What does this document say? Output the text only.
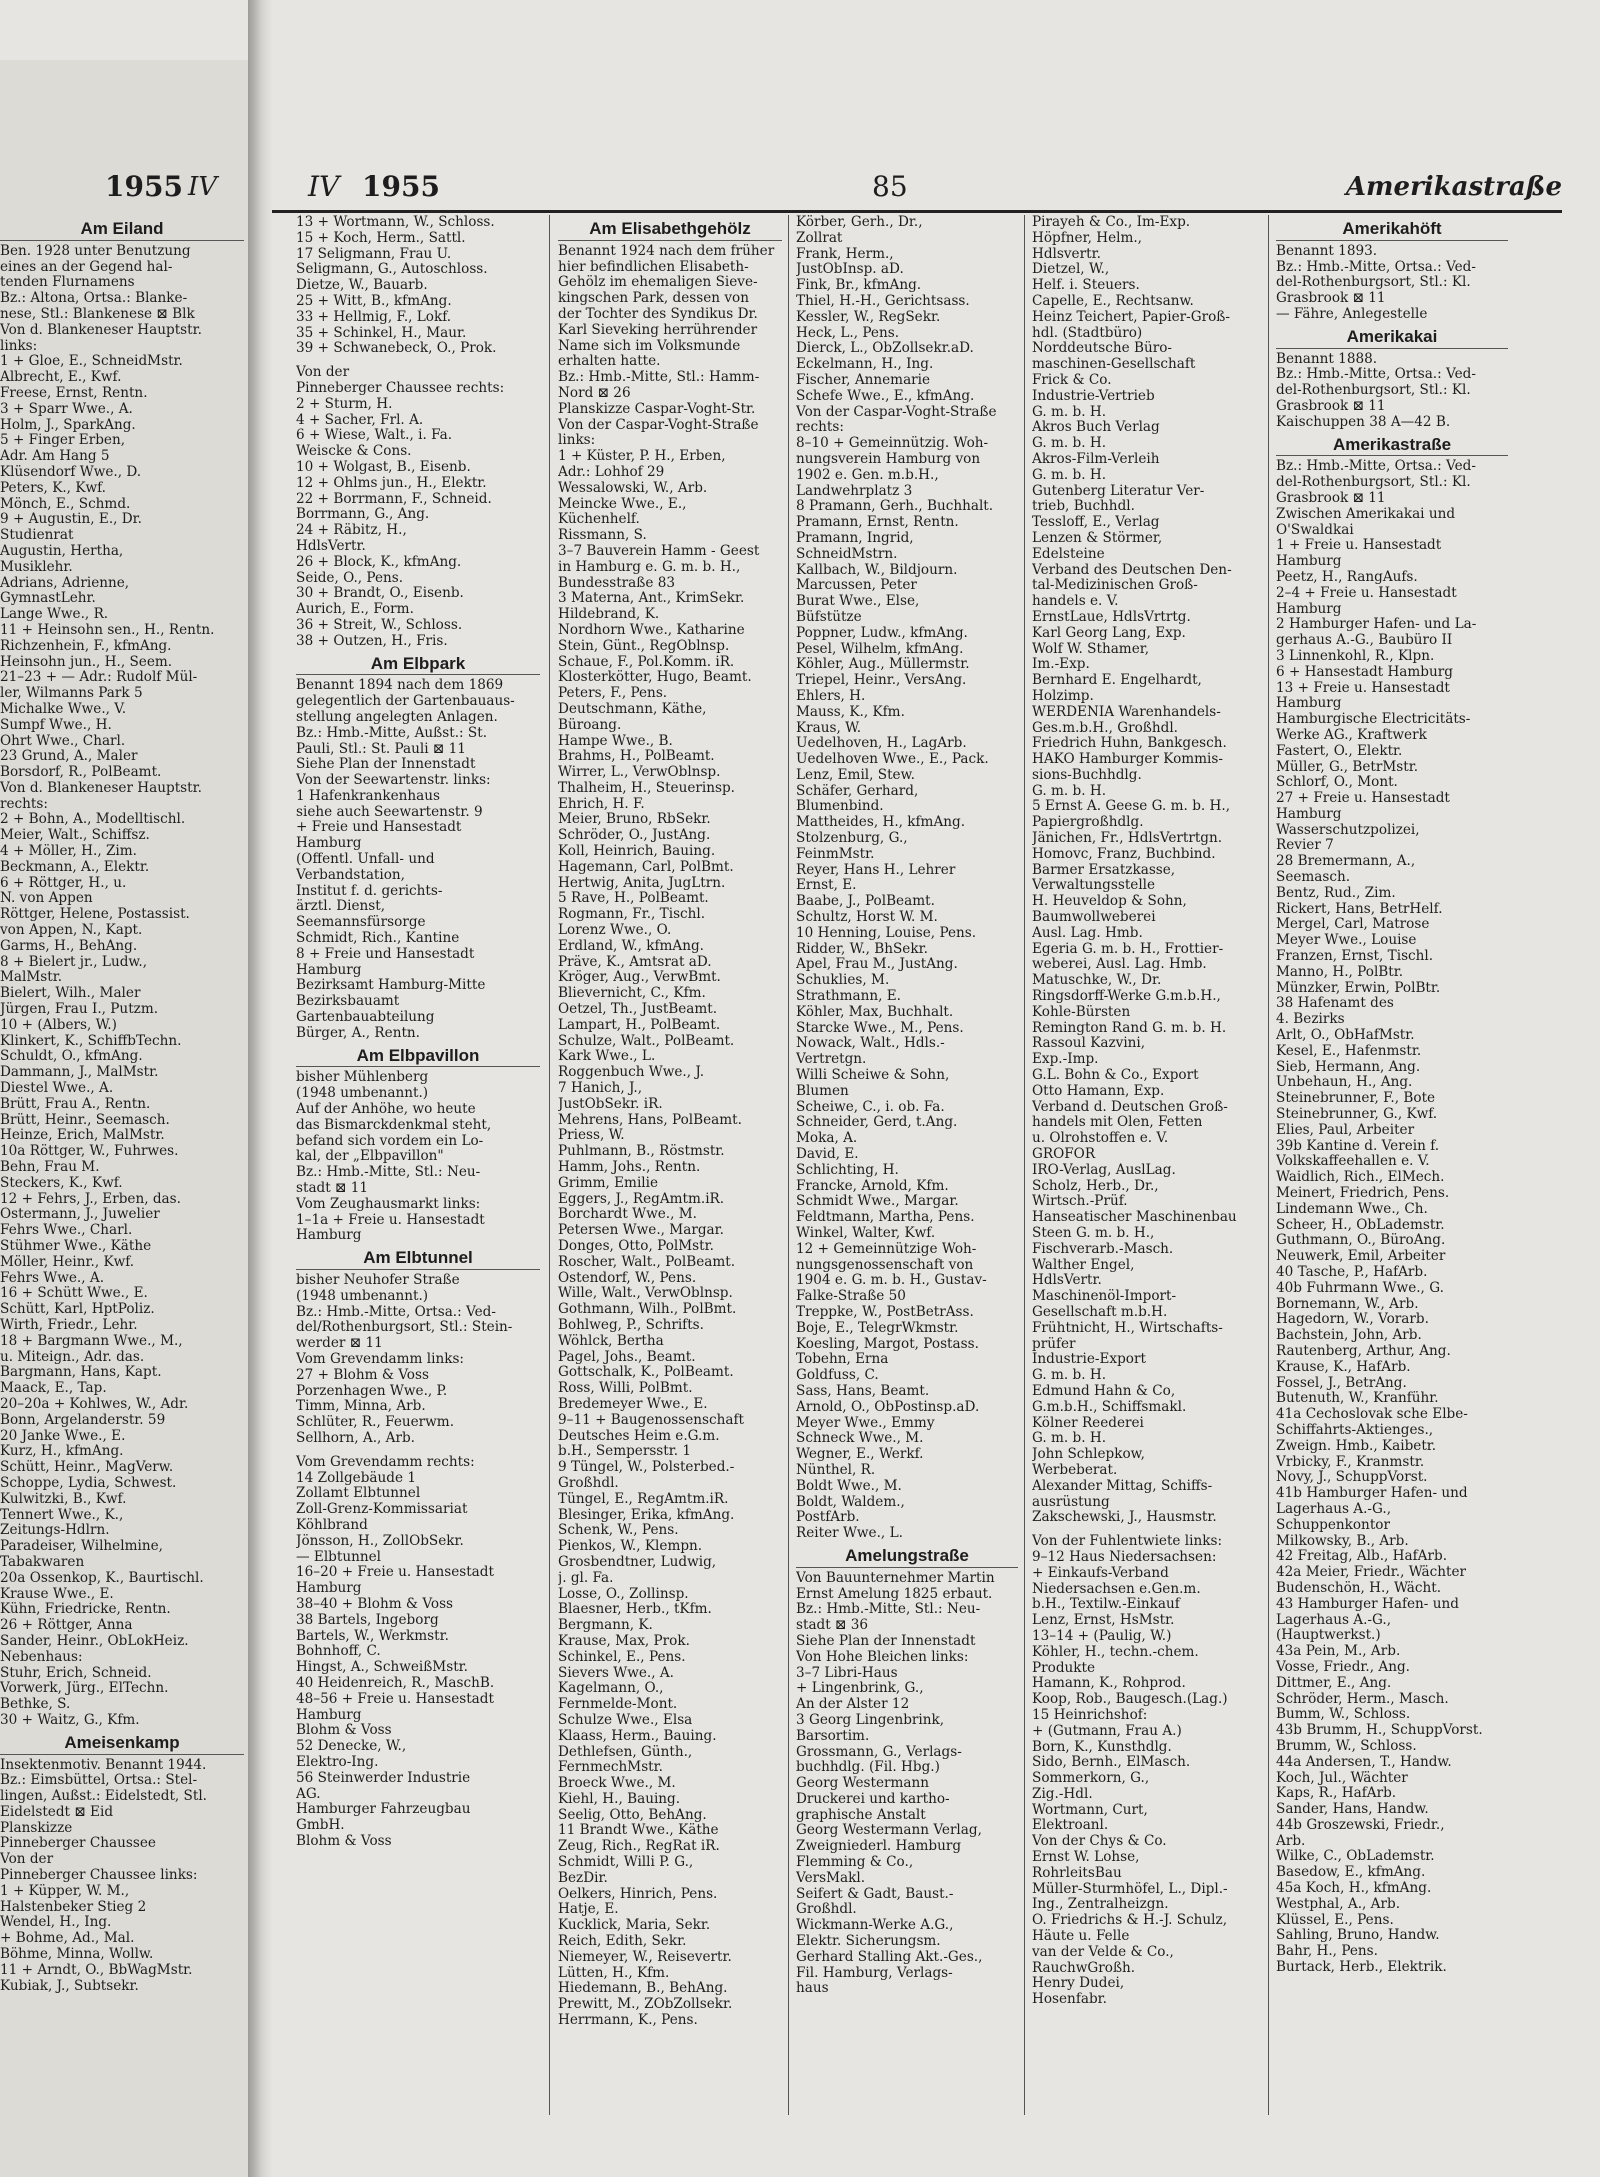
1955 IV
Am Eiland
Ben. 1928 unter Benutzung
eines an der Gegend hal-
tenden Flurnamens
Bz.: Altona, Ortsa.: Blanke-
nese, Stl.: Blankenese ⊠ Blk
Von d. Blankeneser Hauptstr.
links:
1 + Gloe, E., SchneidMstr.
Albrecht, E., Kwf.
Freese, Ernst, Rentn.
3 + Sparr Wwe., A.
Holm, J., SparkAng.
5 + Finger Erben,
Adr. Am Hang 5
Klüsendorf Wwe., D.
Peters, K., Kwf.
Mönch, E., Schmd.
9 + Augustin, E., Dr.
Studienrat
Augustin, Hertha,
Musiklehr.
Adrians, Adrienne,
GymnastLehr.
Lange Wwe., R.
11 + Heinsohn sen., H., Rentn.
Richzenhein, F., kfmAng.
Heinsohn jun., H., Seem.
21–23 + — Adr.: Rudolf Mül-
ler, Wilmanns Park 5
Michalke Wwe., V.
Sumpf Wwe., H.
Ohrt Wwe., Charl.
23 Grund, A., Maler
Borsdorf, R., PolBeamt.
Von d. Blankeneser Hauptstr.
rechts:
2 + Bohn, A., Modelltischl.
Meier, Walt., Schiffsz.
4 + Möller, H., Zim.
Beckmann, A., Elektr.
6 + Röttger, H., u.
N. von Appen
Röttger, Helene, Postassist.
von Appen, N., Kapt.
Garms, H., BehAng.
8 + Bielert jr., Ludw.,
MalMstr.
Bielert, Wilh., Maler
Jürgen, Frau I., Putzm.
10 + (Albers, W.)
Klinkert, K., SchiffbTechn.
Schuldt, O., kfmAng.
Dammann, J., MalMstr.
Diestel Wwe., A.
Brütt, Frau A., Rentn.
Brütt, Heinr., Seemasch.
Heinze, Erich, MalMstr.
10a Röttger, W., Fuhrwes.
Behn, Frau M.
Steckers, K., Kwf.
12 + Fehrs, J., Erben, das.
Ostermann, J., Juwelier
Fehrs Wwe., Charl.
Stühmer Wwe., Käthe
Möller, Heinr., Kwf.
Fehrs Wwe., A.
16 + Schütt Wwe., E.
Schütt, Karl, HptPoliz.
Wirth, Friedr., Lehr.
18 + Bargmann Wwe., M.,
u. Miteign., Adr. das.
Bargmann, Hans, Kapt.
Maack, E., Tap.
20–20a + Kohlwes, W., Adr.
Bonn, Argelanderstr. 59
20 Janke Wwe., E.
Kurz, H., kfmAng.
Schütt, Heinr., MagVerw.
Schoppe, Lydia, Schwest.
Kulwitzki, B., Kwf.
Tennert Wwe., K.,
Zeitungs-Hdlrn.
Paradeiser, Wilhelmine,
Tabakwaren
20a Ossenkop, K., Baurtischl.
Krause Wwe., E.
Kühn, Friedricke, Rentn.
26 + Röttger, Anna
Sander, Heinr., ObLokHeiz.
Nebenhaus:
Stuhr, Erich, Schneid.
Vorwerk, Jürg., ElTechn.
Bethke, S.
30 + Waitz, G., Kfm.
Ameisenkamp
Insektenmotiv. Benannt 1944.
Bz.: Eimsbüttel, Ortsa.: Stel-
lingen, Außst.: Eidelstedt, Stl.
Eidelstedt ⊠ Eid
Planskizze
Pinneberger Chaussee
Von der
Pinneberger Chaussee links:
1 + Küpper, W. M.,
Halstenbeker Stieg 2
Wendel, H., Ing.
+ Bohme, Ad., Mal.
Böhme, Minna, Wollw.
11 + Arndt, O., BbWagMstr.
Kubiak, J., Subtsekr.
IV 1955	85	Amerikastraße
13 + Wortmann, W., Schloss.
15 + Koch, Herm., Sattl.
17 Seligmann, Frau U.
Seligmann, G., Autoschloss.
Dietze, W., Bauarb.
25 + Witt, B., kfmAng.
33 + Hellmig, F., Lokf.
35 + Schinkel, H., Maur.
39 + Schwanebeck, O., Prok.
Von der
Pinneberger Chaussee rechts:
2 + Sturm, H.
4 + Sacher, Frl. A.
6 + Wiese, Walt., i. Fa.
Weiscke & Cons.
10 + Wolgast, B., Eisenb.
12 + Ohlms jun., H., Elektr.
22 + Borrmann, F., Schneid.
Borrmann, G., Ang.
24 + Räbitz, H.,
HdlsVertr.
26 + Block, K., kfmAng.
Seide, O., Pens.
30 + Brandt, O., Eisenb.
Aurich, E., Form.
36 + Streit, W., Schloss.
38 + Outzen, H., Fris.
Am Elbpark
Benannt 1894 nach dem 1869
gelegentlich der Gartenbauaus-
stellung angelegten Anlagen.
Bz.: Hmb.-Mitte, Außst.: St.
Pauli, Stl.: St. Pauli ⊠ 11
Siehe Plan der Innenstadt
Von der Seewartenstr. links:
1 Hafenkrankenhaus
siehe auch Seewartenstr. 9
+ Freie und Hansestadt
Hamburg
(Öffentl. Unfall- und
Verbandstation,
Institut f. d. gerichts-
ärztl. Dienst,
Seemannsfürsorge
Schmidt, Rich., Kantine
8 + Freie und Hansestadt
Hamburg
Bezirksamt Hamburg-Mitte
Bezirksbauamt
Gartenbauabteilung
Bürger, A., Rentn.
Am Elbpavillon
bisher Mühlenberg
(1948 umbenannt.)
Auf der Anhöhe, wo heute
das Bismarckdenkmal steht,
befand sich vordem ein Lo-
kal, der „Elbpavillon"
Bz.: Hmb.-Mitte, Stl.: Neu-
stadt ⊠ 11
Vom Zeughausmarkt links:
1–1a + Freie u. Hansestadt
Hamburg
Am Elbtunnel
bisher Neuhofer Straße
(1948 umbenannt.)
Bz.: Hmb.-Mitte, Ortsa.: Ved-
del/Rothenburgsort, Stl.: Stein-
werder ⊠ 11
Vom Grevendamm links:
27 + Blohm & Voss
Porzenhagen Wwe., P.
Timm, Minna, Arb.
Schlüter, R., Feuerwm.
Sellhorn, A., Arb.
Vom Grevendamm rechts:
14 Zollgebäude 1
Zollamt Elbtunnel
Zoll-Grenz-Kommissariat
Köhlbrand
Jönsson, H., ZollObSekr.
— Elbtunnel
16–20 + Freie u. Hansestadt
Hamburg
38–40 + Blohm & Voss
38 Bartels, Ingeborg
Bartels, W., Werkmstr.
Bohnhoff, C.
Hingst, A., SchweißMstr.
40 Heidenreich, R., MaschB.
48–56 + Freie u. Hansestadt
Hamburg
Blohm & Voss
52 Denecke, W.,
Elektro-Ing.
56 Steinwerder Industrie
AG.
Hamburger Fahrzeugbau
GmbH.
Blohm & Voss
Am Elisabethgehölz
Benannt 1924 nach dem früher
hier befindlichen Elisabeth-
Gehölz im ehemaligen Sieve-
kingschen Park, dessen von
der Tochter des Syndikus Dr.
Karl Sieveking herrührender
Name sich im Volksmunde
erhalten hatte.
Bz.: Hmb.-Mitte, Stl.: Hamm-
Nord ⊠ 26
Planskizze Caspar-Voght-Str.
Von der Caspar-Voght-Straße
links:
1 + Küster, P. H., Erben,
Adr.: Lohhof 29
Wessalowski, W., Arb.
Meincke Wwe., E.,
Küchenhelf.
Rissmann, S.
3–7 Bauverein Hamm - Geest
in Hamburg e. G. m. b. H.,
Bundesstraße 83
3 Materna, Ant., KrimSekr.
Hildebrand, K.
Nordhorn Wwe., Katharine
Stein, Günt., RegOblnsp.
Schaue, F., Pol.Komm. iR.
Klosterkötter, Hugo, Beamt.
Peters, F., Pens.
Deutschmann, Käthe,
Büroang.
Hampe Wwe., B.
Brahms, H., PolBeamt.
Wirrer, L., VerwOblnsp.
Thalheim, H., Steuerinsp.
Ehrich, H. F.
Meier, Bruno, RbSekr.
Schröder, O., JustAng.
Koll, Heinrich, Bauing.
Hagemann, Carl, PolBmt.
Hertwig, Anita, JugLtrn.
5 Rave, H., PolBeamt.
Rogmann, Fr., Tischl.
Lorenz Wwe., O.
Erdland, W., kfmAng.
Präve, K., Amtsrat aD.
Kröger, Aug., VerwBmt.
Blievernicht, C., Kfm.
Oetzel, Th., JustBeamt.
Lampart, H., PolBeamt.
Schulze, Walt., PolBeamt.
Kark Wwe., L.
Roggenbuch Wwe., J.
7 Hanich, J.,
JustObSekr. iR.
Mehrens, Hans, PolBeamt.
Priess, W.
Puhlmann, B., Röstmstr.
Hamm, Johs., Rentn.
Grimm, Emilie
Eggers, J., RegAmtm.iR.
Borchardt Wwe., M.
Petersen Wwe., Margar.
Donges, Otto, PolMstr.
Roscher, Walt., PolBeamt.
Ostendorf, W., Pens.
Wille, Walt., VerwOblnsp.
Gothmann, Wilh., PolBmt.
Bohlweg, P., Schrifts.
Wöhlck, Bertha
Pagel, Johs., Beamt.
Gottschalk, K., PolBeamt.
Ross, Willi, PolBmt.
Bredemeyer Wwe., E.
9–11 + Baugenossenschaft
Deutsches Heim e.G.m.
b.H., Sempersstr. 1
9 Tüngel, W., Polsterbed.-
Großhdl.
Tüngel, E., RegAmtm.iR.
Blesinger, Erika, kfmAng.
Schenk, W., Pens.
Pienkos, W., Klempn.
Grosbendtner, Ludwig,
j. gl. Fa.
Losse, O., Zollinsp.
Blaesner, Herb., tKfm.
Bergmann, K.
Krause, Max, Prok.
Schinkel, E., Pens.
Sievers Wwe., A.
Kagelmann, O.,
Fernmelde-Mont.
Schulze Wwe., Elsa
Klaass, Herm., Bauing.
Dethlefsen, Günth.,
FernmechMstr.
Broeck Wwe., M.
Kiehl, H., Bauing.
Seelig, Otto, BehAng.
11 Brandt Wwe., Käthe
Zeug, Rich., RegRat iR.
Schmidt, Willi P. G.,
BezDir.
Oelkers, Hinrich, Pens.
Hatje, E.
Kucklick, Maria, Sekr.
Reich, Edith, Sekr.
Niemeyer, W., Reisevertr.
Lütten, H., Kfm.
Hiedemann, B., BehAng.
Prewitt, M., ZObZollsekr.
Herrmann, K., Pens.
Körber, Gerh., Dr.,
Zollrat
Frank, Herm.,
JustObInsp. aD.
Fink, Br., kfmAng.
Thiel, H.-H., Gerichtsass.
Kessler, W., RegSekr.
Heck, L., Pens.
Dierck, L., ObZollsekr.aD.
Eckelmann, H., Ing.
Fischer, Annemarie
Schefe Wwe., E., kfmAng.
Von der Caspar-Voght-Straße
rechts:
8–10 + Gemeinnützig. Woh-
nungsverein Hamburg von
1902 e. Gen. m.b.H.,
Landwehrplatz 3
8 Pramann, Gerh., Buchhalt.
Pramann, Ernst, Rentn.
Pramann, Ingrid,
SchneidMstrn.
Kallbach, W., Bildjourn.
Marcussen, Peter
Burat Wwe., Else,
Büfstütze
Poppner, Ludw., kfmAng.
Pesel, Wilhelm, kfmAng.
Köhler, Aug., Müllermstr.
Triepel, Heinr., VersAng.
Ehlers, H.
Mauss, K., Kfm.
Kraus, W.
Uedelhoven, H., LagArb.
Uedelhoven Wwe., E., Pack.
Lenz, Emil, Stew.
Schäfer, Gerhard,
Blumenbind.
Mattheides, H., kfmAng.
Stolzenburg, G.,
FeinmMstr.
Reyer, Hans H., Lehrer
Ernst, E.
Baabe, J., PolBeamt.
Schultz, Horst W. M.
10 Henning, Louise, Pens.
Ridder, W., BhSekr.
Apel, Frau M., JustAng.
Schuklies, M.
Strathmann, E.
Köhler, Max, Buchhalt.
Starcke Wwe., M., Pens.
Nowack, Walt., Hdls.-
Vertretgn.
Willi Scheiwe & Sohn,
Blumen
Scheiwe, C., i. ob. Fa.
Schneider, Gerd, t.Ang.
Moka, A.
David, E.
Schlichting, H.
Francke, Arnold, Kfm.
Schmidt Wwe., Margar.
Feldtmann, Martha, Pens.
Winkel, Walter, Kwf.
12 + Gemeinnützige Woh-
nungsgenossenschaft von
1904 e. G. m. b. H., Gustav-
Falke-Straße 50
Treppke, W., PostBetrAss.
Boje, E., TelegrWkmstr.
Koesling, Margot, Postass.
Tobehn, Erna
Goldfuss, C.
Sass, Hans, Beamt.
Arnold, O., ObPostinsp.aD.
Meyer Wwe., Emmy
Schneck Wwe., M.
Wegner, E., Werkf.
Nünthel, R.
Boldt Wwe., M.
Boldt, Waldem.,
PostfArb.
Reiter Wwe., L.
Amelungstraße
Von Bauunternehmer Martin
Ernst Amelung 1825 erbaut.
Bz.: Hmb.-Mitte, Stl.: Neu-
stadt ⊠ 36
Siehe Plan der Innenstadt
Von Hohe Bleichen links:
3–7 Libri-Haus
+ Lingenbrink, G.,
An der Alster 12
3 Georg Lingenbrink,
Barsortim.
Grossmann, G., Verlags-
buchhdlg. (Fil. Hbg.)
Georg Westermann
Druckerei und kartho-
graphische Anstalt
Georg Westermann Verlag,
Zweigniederl. Hamburg
Flemming & Co.,
VersMakl.
Seifert & Gadt, Baust.-
Großhdl.
Wickmann-Werke A.G.,
Elektr. Sicherungsm.
Gerhard Stalling Akt.-Ges.,
Fil. Hamburg, Verlags-
haus
Pirayeh & Co., Im-Exp.
Höpfner, Helm.,
Hdlsvertr.
Dietzel, W.,
Helf. i. Steuers.
Capelle, E., Rechtsanw.
Heinz Teichert, Papier-Groß-
hdl. (Stadtbüro)
Norddeutsche Büro-
maschinen-Gesellschaft
Frick & Co.
Industrie-Vertrieb
G. m. b. H.
Akros Buch Verlag
G. m. b. H.
Akros-Film-Verleih
G. m. b. H.
Gutenberg Literatur Ver-
trieb, Buchhdl.
Tessloff, E., Verlag
Lenzen & Störmer,
Edelsteine
Verband des Deutschen Den-
tal-Medizinischen Groß-
handels e. V.
ErnstLaue, HdlsVrtrtg.
Karl Georg Lang, Exp.
Wolf W. Sthamer,
Im.-Exp.
Bernhard E. Engelhardt,
Holzimp.
WERDENIA Warenhandels-
Ges.m.b.H., Großhdl.
Friedrich Huhn, Bankgesch.
HAKO Hamburger Kommis-
sions-Buchhdlg.
G. m. b. H.
5 Ernst A. Geese G. m. b. H.,
Papiergroßhdlg.
Jänichen, Fr., HdlsVertrtgn.
Homovc, Franz, Buchbind.
Barmer Ersatzkasse,
Verwaltungsstelle
H. Heuveldop & Sohn,
Baumwollweberei
Ausl. Lag. Hmb.
Egeria G. m. b. H., Frottier-
weberei, Ausl. Lag. Hmb.
Matuschke, W., Dr.
Ringsdorff-Werke G.m.b.H.,
Kohle-Bürsten
Remington Rand G. m. b. H.
Rassoul Kazvini,
Exp.-Imp.
G.L. Bohn & Co., Export
Otto Hamann, Exp.
Verband d. Deutschen Groß-
handels mit Ölen, Fetten
u. Ölrohstoffen e. V.
GROFOR
IRO-Verlag, AuslLag.
Scholz, Herb., Dr.,
Wirtsch.-Prüf.
Hanseatischer Maschinenbau
Steen G. m. b. H.,
Fischverarb.-Masch.
Walther Engel,
HdlsVertr.
Maschinenöl-Import-
Gesellschaft m.b.H.
Frühtnicht, H., Wirtschafts-
prüfer
Industrie-Export
G. m. b. H.
Edmund Hahn & Co,
G.m.b.H., Schiffsmakl.
Kölner Reederei
G. m. b. H.
John Schlepkow,
Werbeberat.
Alexander Mittag, Schiffs-
ausrüstung
Zakschewski, J., Hausmstr.
Von der Fuhlentwiete links:
9–12 Haus Niedersachsen:
+ Einkaufs-Verband
Niedersachsen e.Gen.m.
b.H., Textilw.-Einkauf
Lenz, Ernst, HsMstr.
13–14 + (Paulig, W.)
Köhler, H., techn.-chem.
Produkte
Hamann, K., Rohprod.
Koop, Rob., Baugesch.(Lag.)
15 Heinrichshof:
+ (Gutmann, Frau A.)
Born, K., Kunsthdlg.
Sido, Bernh., ElMasch.
Sommerkorn, G.,
Zig.-Hdl.
Wortmann, Curt,
Elektroanl.
Von der Chys & Co.
Ernst W. Lohse,
RohrleitsBau
Müller-Sturmhöfel, L., Dipl.-
Ing., Zentralheizgn.
O. Friedrichs & H.-J. Schulz,
Häute u. Felle
van der Velde & Co.,
RauchwGroßh.
Henry Dudei,
Hosenfabr.
Amerikahöft
Benannt 1893.
Bz.: Hmb.-Mitte, Ortsa.: Ved-
del-Rothenburgsort, Stl.: Kl.
Grasbrook ⊠ 11
— Fähre, Anlegestelle
Amerikakai
Benannt 1888.
Bz.: Hmb.-Mitte, Ortsa.: Ved-
del-Rothenburgsort, Stl.: Kl.
Grasbrook ⊠ 11
Kaischuppen 38 A—42 B.
Amerikastraße
Bz.: Hmb.-Mitte, Ortsa.: Ved-
del-Rothenburgsort, Stl.: Kl.
Grasbrook ⊠ 11
Zwischen Amerikakai und
O'Swaldkai
1 + Freie u. Hansestadt
Hamburg
Peetz, H., RangAufs.
2–4 + Freie u. Hansestadt
Hamburg
2 Hamburger Hafen- und La-
gerhaus A.-G., Baubüro II
3 Linnenkohl, R., Klpn.
6 + Hansestadt Hamburg
13 + Freie u. Hansestadt
Hamburg
Hamburgische Electricitäts-
Werke AG., Kraftwerk
Fastert, O., Elektr.
Müller, G., BetrMstr.
Schlorf, O., Mont.
27 + Freie u. Hansestadt
Hamburg
Wasserschutzpolizei,
Revier 7
28 Bremermann, A.,
Seemasch.
Bentz, Rud., Zim.
Rickert, Hans, BetrHelf.
Mergel, Carl, Matrose
Meyer Wwe., Louise
Franzen, Ernst, Tischl.
Manno, H., PolBtr.
Münzker, Erwin, PolBtr.
38 Hafenamt des
4. Bezirks
Arlt, O., ObHafMstr.
Kesel, E., Hafenmstr.
Sieb, Hermann, Ang.
Unbehaun, H., Ang.
Steinebrunner, F., Bote
Steinebrunner, G., Kwf.
Elies, Paul, Arbeiter
39b Kantine d. Verein f.
Volkskaffeehallen e. V.
Waidlich, Rich., ElMech.
Meinert, Friedrich, Pens.
Lindemann Wwe., Ch.
Scheer, H., ObLademstr.
Guthmann, O., BüroAng.
Neuwerk, Emil, Arbeiter
40 Tasche, P., HafArb.
40b Fuhrmann Wwe., G.
Bornemann, W., Arb.
Hagedorn, W., Vorarb.
Bachstein, John, Arb.
Rautenberg, Arthur, Ang.
Krause, K., HafArb.
Fossel, J., BetrAng.
Butenuth, W., Kranführ.
41a Cechoslovak sche Elbe-
Schiffahrts-Aktienges.,
Zweign. Hmb., Kaibetr.
Vrbicky, F., Kranmstr.
Novy, J., SchuppVorst.
41b Hamburger Hafen- und
Lagerhaus A.-G.,
Schuppenkontor
Milkowsky, B., Arb.
42 Freitag, Alb., HafArb.
42a Meier, Friedr., Wächter
Budenschön, H., Wächt.
43 Hamburger Hafen- und
Lagerhaus A.-G.,
(Hauptwerkst.)
43a Pein, M., Arb.
Vosse, Friedr., Ang.
Dittmer, E., Ang.
Schröder, Herm., Masch.
Bumm, W., Schloss.
43b Brumm, H., SchuppVorst.
Brumm, W., Schloss.
44a Andersen, T., Handw.
Koch, Jul., Wächter
Kaps, R., HafArb.
Sander, Hans, Handw.
44b Groszewski, Friedr.,
Arb.
Wilke, C., ObLademstr.
Basedow, E., kfmAng.
45a Koch, H., kfmAng.
Westphal, A., Arb.
Klüssel, E., Pens.
Sahling, Bruno, Handw.
Bahr, H., Pens.
Burtack, Herb., Elektrik.
